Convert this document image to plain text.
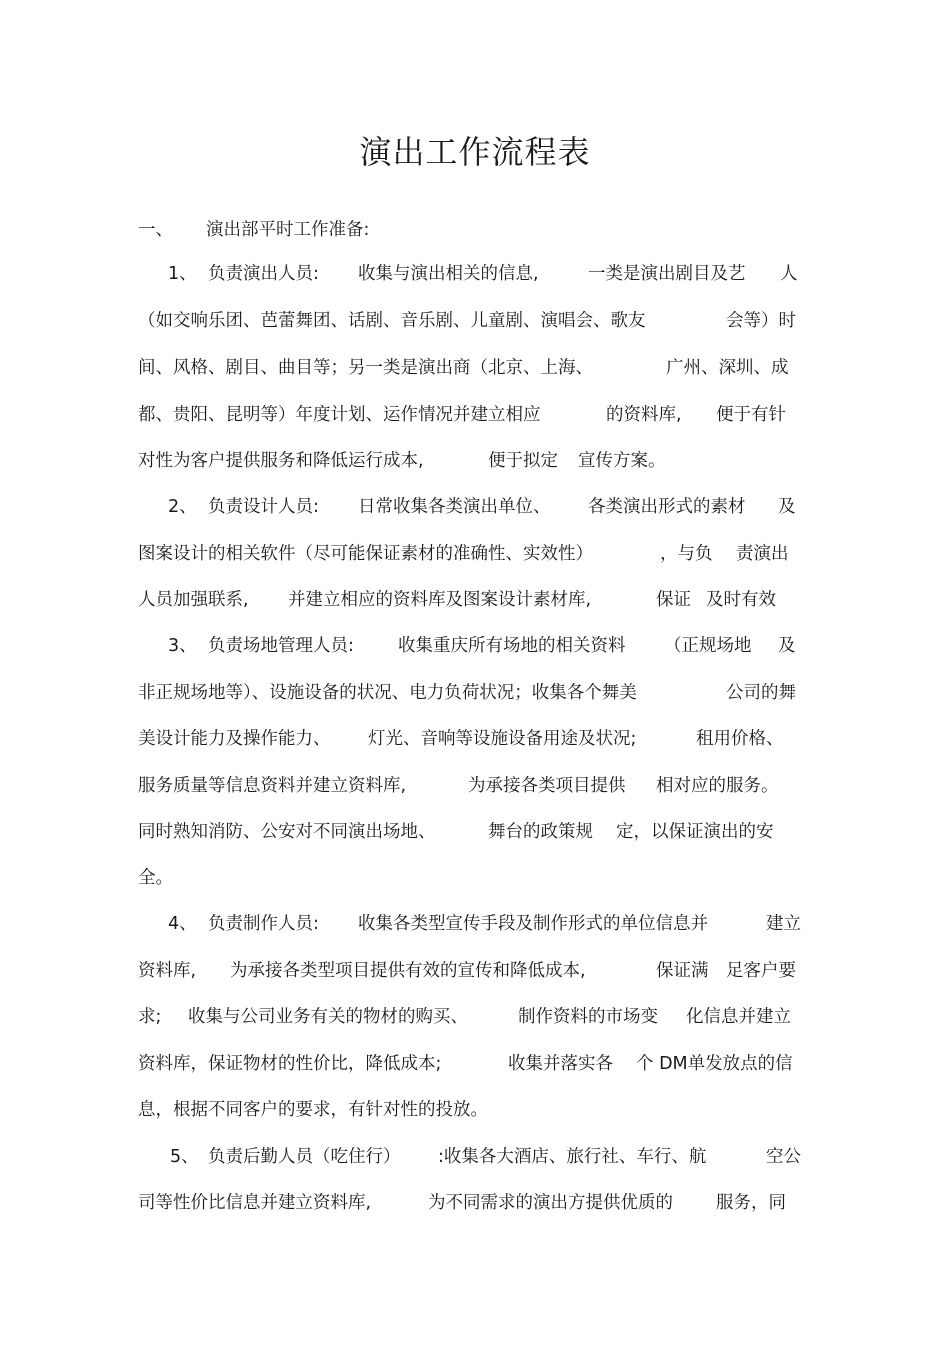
演出工作流程表

一、

演出部平时工作准备:

1、

负责演出人员:

收集与演出相关的信息,

	一类是演出剧目及艺

人

（如交响乐团、芭蕾舞团、话剧、音乐剧、儿童剧、演唱会、歌友

	会等）时

间、风格、剧目、曲目等；另一类是演出商（北京、上海、

	广州、深圳、成

都、贵阳、昆明等）年度计划、运作情况并建立相应

	的资料库,

便于有针

对性为客户提供服务和降低运行成本,

	便于拟定

宣传方案。

2、

负责设计人员:

日常收集各类演出单位、

各类演出形式的素材

及

图案设计的相关软件（尽可能保证素材的准确性、实效性）

	，与负

责演出

人员加强联系,

并建立相应的资料库及图案设计素材库,

	保证

及时有效

3、

负责场地管理人员:

	收集重庆所有场地的相关资料

（正规场地

及

非正规场地等）、设施设备的状况、电力负荷状况；收集各个舞美

	公司的舞

美设计能力及操作能力、

灯光、音响等设施设备用途及状况;

	租用价格、

服务质量等信息资料并建立资料库,

	为承接各类项目提供

相对应的服务。

同时熟知消防、公安对不同演出场地、

	舞台的政策规

定，以保证演出的安

全。

4、

负责制作人员:

收集各类型宣传手段及制作形式的单位信息并

	建立

资料库,

为承接各类型项目提供有效的宣传和降低成本,

	保证满

足客户要

求;

收集与公司业务有关的物材的购买、

	制作资料的市场变

化信息并建立

资料库，保证物材的性价比，降低成本;

	收集并落实各

个 DM单发放点的信

息，根据不同客户的要求，有针对性的投放。

5、

负责后勤人员（吃住行）

:收集各大酒店、旅行社、车行、航

	空公

司等性价比信息并建立资料库,

	为不同需求的演出方提供优质的

服务，同
